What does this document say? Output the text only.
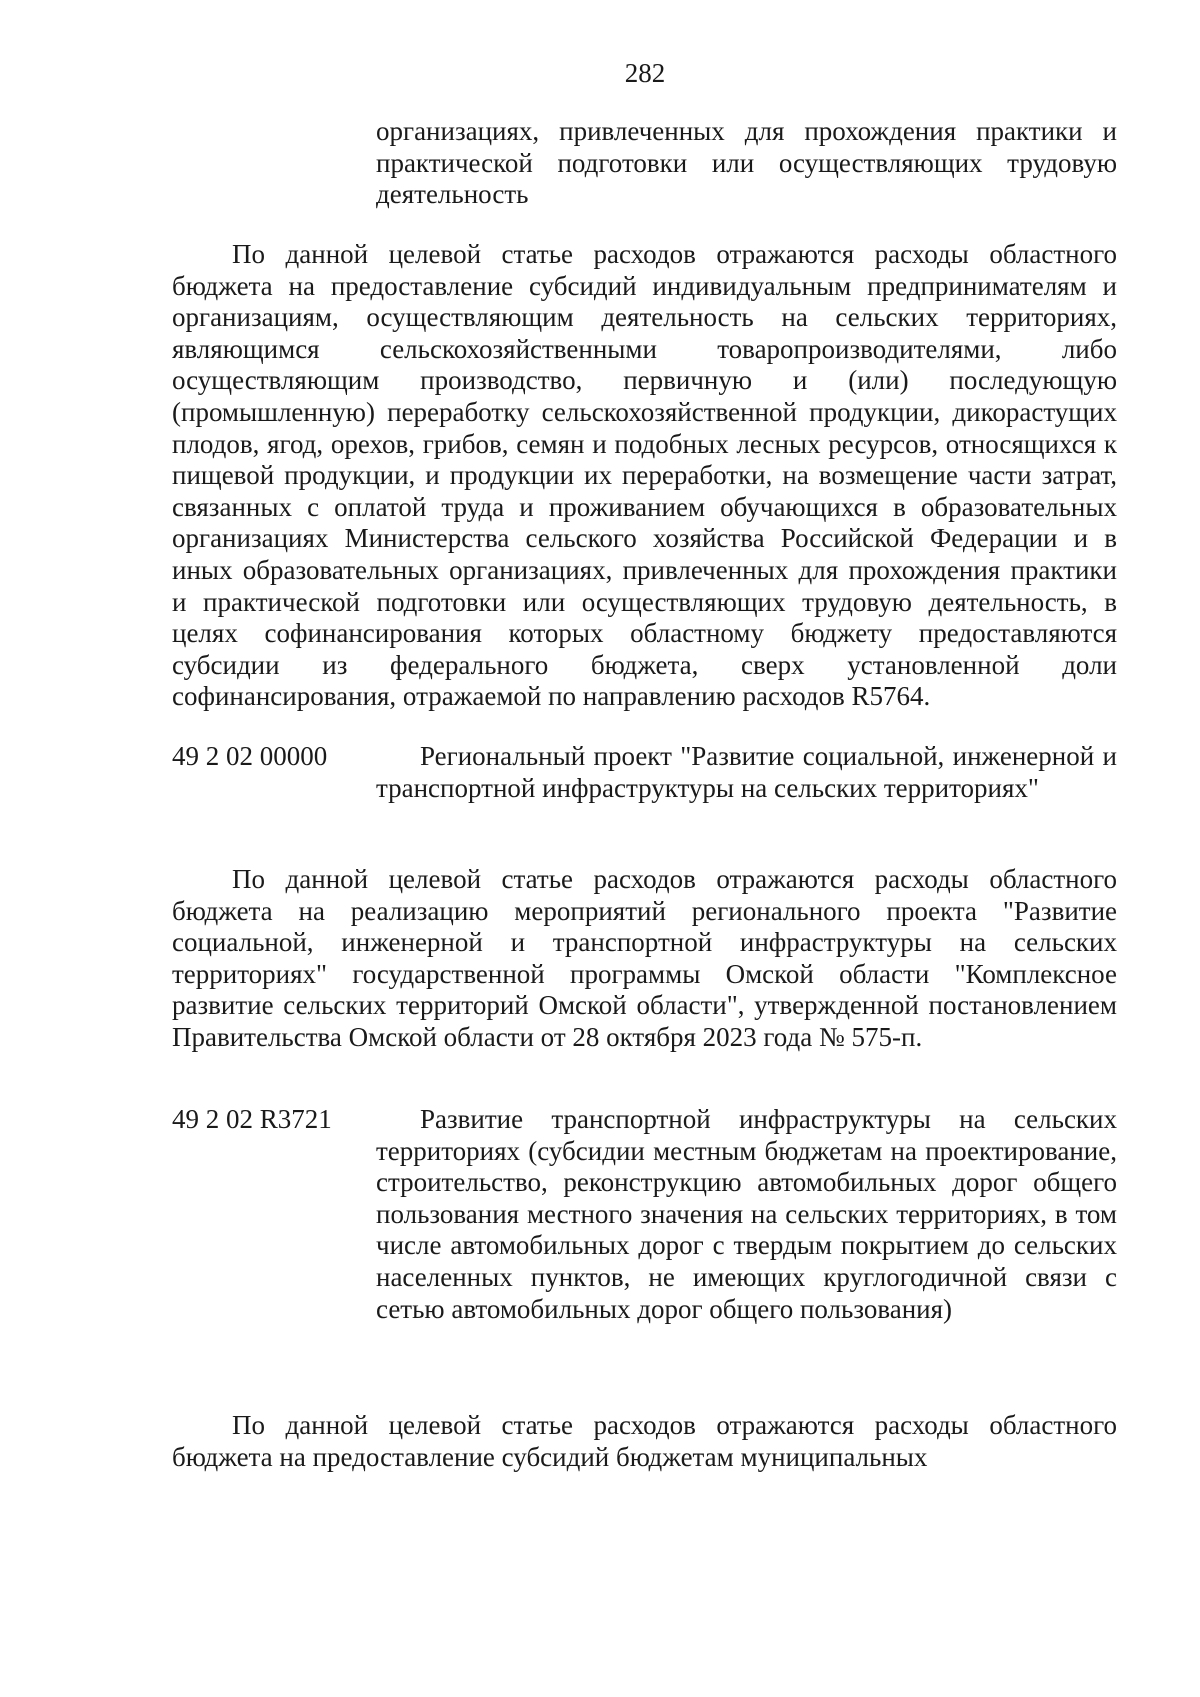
282
организациях, привлеченных для прохождения практики и практической подготовки или осуществляющих трудовую деятельность
По данной целевой статье расходов отражаются расходы областного бюджета на предоставление субсидий индивидуальным предпринимателям и организациям, осуществляющим деятельность на сельских территориях, являющимся сельскохозяйственными товаропроизводителями, либо осуществляющим производство, первичную и (или) последующую (промышленную) переработку сельскохозяйственной продукции, дикорастущих плодов, ягод, орехов, грибов, семян и подобных лесных ресурсов, относящихся к пищевой продукции, и продукции их переработки, на возмещение части затрат, связанных с оплатой труда и проживанием обучающихся в образовательных организациях Министерства сельского хозяйства Российской Федерации и в иных образовательных организациях, привлеченных для прохождения практики и практической подготовки или осуществляющих трудовую деятельность, в целях софинансирования которых областному бюджету предоставляются субсидии из федерального бюджета, сверх установленной доли софинансирования, отражаемой по направлению расходов R5764.
49 2 02 00000	Региональный проект "Развитие социальной, инженерной и транспортной инфраструктуры на сельских территориях"
По данной целевой статье расходов отражаются расходы областного бюджета на реализацию мероприятий регионального проекта "Развитие социальной, инженерной и транспортной инфраструктуры на сельских территориях" государственной программы Омской области "Комплексное развитие сельских территорий Омской области", утвержденной постановлением Правительства Омской области от 28 октября 2023 года № 575-п.
49 2 02 R3721	Развитие транспортной инфраструктуры на сельских территориях (субсидии местным бюджетам на проектирование, строительство, реконструкцию автомобильных дорог общего пользования местного значения на сельских территориях, в том числе автомобильных дорог с твердым покрытием до сельских населенных пунктов, не имеющих круглогодичной связи с сетью автомобильных дорог общего пользования)
По данной целевой статье расходов отражаются расходы областного бюджета на предоставление субсидий бюджетам муниципальных
